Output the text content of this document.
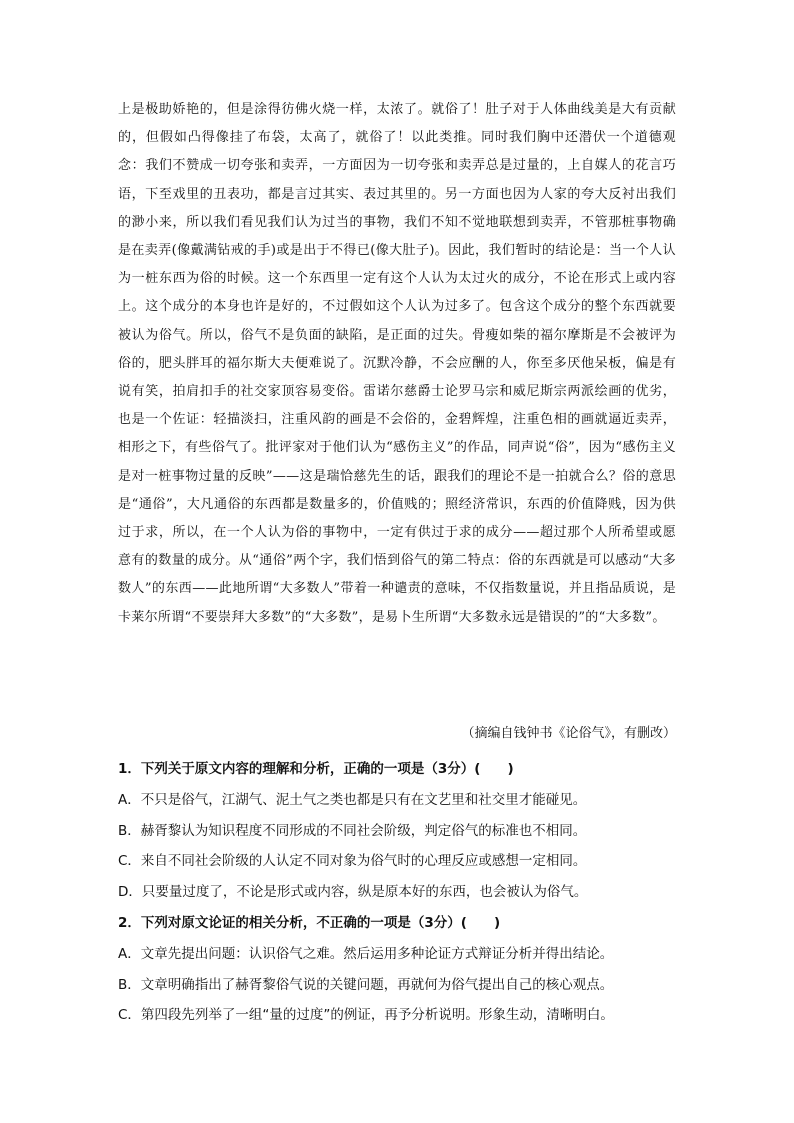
上是极助娇艳的，但是涂得彷佛火烧一样，太浓了。就俗了！肚子对于人体曲线美是大有贡献的，但假如凸得像挂了布袋，太高了，就俗了！以此类推。同时我们胸中还潜伏一个道德观念：我们不赞成一切夸张和卖弄，一方面因为一切夸张和卖弄总是过量的，上自媒人的花言巧语，下至戏里的丑表功，都是言过其实、表过其里的。另一方面也因为人家的夸大反衬出我们的渺小来，所以我们看见我们认为过当的事物，我们不知不觉地联想到卖弄，不管那桩事物确是在卖弄(像戴满钻戒的手)或是出于不得已(像大肚子)。因此，我们暂时的结论是：当一个人认为一桩东西为俗的时候。这一个东西里一定有这个人认为太过火的成分，不论在形式上或内容上。这个成分的本身也许是好的，不过假如这个人认为过多了。包含这个成分的整个东西就要被认为俗气。所以，俗气不是负面的缺陷，是正面的过失。骨瘦如柴的福尔摩斯是不会被评为俗的，肥头胖耳的福尔斯大夫便难说了。沉默冷静，不会应酬的人，你至多厌他呆板，偏是有说有笑，拍肩扣手的社交家顶容易变俗。雷诺尔慈爵士论罗马宗和威尼斯宗两派绘画的优劣，也是一个佐证：轻描淡扫，注重风韵的画是不会俗的，金碧辉煌，注重色相的画就逼近卖弄，相形之下，有些俗气了。批评家对于他们认为“感伤主义”的作品，同声说“俗”，因为“感伤主义是对一桩事物过量的反映”——这是瑞恰慈先生的话，跟我们的理论不是一拍就合么？俗的意思是“通俗”，大凡通俗的东西都是数量多的，价值贱的；照经济常识，东西的价值降贱，因为供过于求，所以，在一个人认为俗的事物中，一定有供过于求的成分——超过那个人所希望或愿意有的数量的成分。从“通俗”两个字，我们悟到俗气的第二特点：俗的东西就是可以感动“大多数人”的东西——此地所谓“大多数人”带着一种谴责的意味，不仅指数量说，并且指品质说，是卡莱尔所谓“不要崇拜大多数”的“大多数”，是易卜生所谓“大多数永远是错误的”的“大多数”。

（摘编自钱钟书《论俗气》，有删改）

1．下列关于原文内容的理解和分析，正确的一项是（3分）(　　)

A．不只是俗气，江湖气、泥土气之类也都是只有在文艺里和社交里才能碰见。

B．赫胥黎认为知识程度不同形成的不同社会阶级，判定俗气的标准也不相同。

C．来自不同社会阶级的人认定不同对象为俗气时的心理反应或感想一定相同。

D．只要量过度了，不论是形式或内容，纵是原本好的东西，也会被认为俗气。

2．下列对原文论证的相关分析，不正确的一项是（3分）(　　)

A．文章先提出问题：认识俗气之难。然后运用多种论证方式辩证分析并得出结论。

B．文章明确指出了赫胥黎俗气说的关键问题，再就何为俗气提出自己的核心观点。

C．第四段先列举了一组“量的过度”的例证，再予分析说明。形象生动，清晰明白。
